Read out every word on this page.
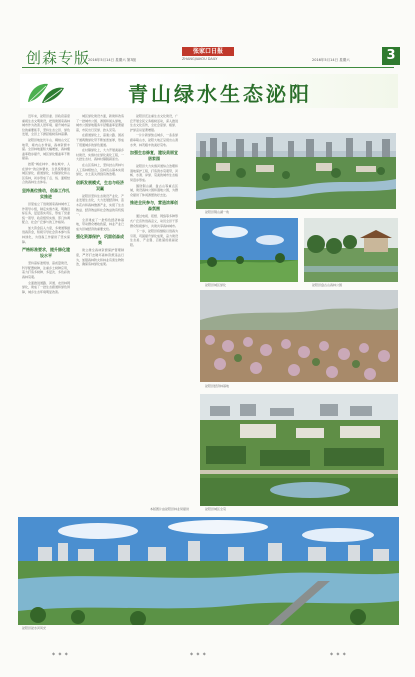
创森专版
2016年5月14日 星期六 第3版
张家口日报
ZHANGJIAKOU DAILY	2016年5月14日 星期六	3
青山绿水生态泌阳

近年来，泌阳县委、县政府高度重视生态文明建设，把创建国家森林城市作为改善人居环境、提升城市品位的重要抓手，坚持生态立县、绿色发展，全县上下掀起植树造林高潮。

泌阳县地处伏牛山、桐柏山交汇地带，境内山水秀丽，森林资源丰富。全县林地面积大幅增加，森林覆盖率稳步提升，城区绿化覆盖率不断提高。

按照“城在林中、林在城中、人在绿中”的总体要求，全县统筹推进城区绿化、廊道绿化、村镇绿化和山区造林，初步形成了点、线、面相结合的森林生态体系。

坚持高位推动，创森工作扎实推进

县里成立了创建国家森林城市工作领导小组，制定实施方案，明确目标任务，层层落实责任，形成了党委统一领导、政府组织实施、部门协调配合、社会广泛参与的工作格局。

加大资金投入力度，多渠道筹措创森资金，积极引导社会资本参与造林绿化，为创森工作提供了坚实保障。

严格标准要求，提升绿化建设水平

坚持高标准规划、高质量建设，科学配置树种，注重乡土树种应用，着力打造多树种、多层次、多色彩的森林景观。

全面推进道路、河道、农田林网绿化，建成了一批生态廊道和绿色屏障，城乡生态环境明显改善。

城区绿化建设方面，新建和改造了一批城市公园、游园和街头绿地，城市公园绿地服务半径覆盖率显著提高，市民出行见绿、抬头见景。

在廊道绿化上，高速公路、国省干道两侧绿化带不断加宽加厚，形成了贯通城乡的绿色通道。

在村镇绿化上，大力开展美丽乡村建设，实施村庄绿化美化工程，一大批生态村、森林村镇脱颖而出。

在山区造林上，坚持封山育林与人工造林相结合，宜林荒山基本实现绿化，水土流失得到有效治理。

创新发展模式，生态与经济双赢

泌阳县坚持生态建设产业化、产业发展生态化，大力发展经济林、苗木花卉和森林旅游产业，实现了生态效益、经济效益和社会效益的有机统一。

全县建成了一批特色经济林基地，带动群众增收致富，林业产业已成为县域经济的重要支柱。

强化资源保护，巩固创森成果

建立健全森林资源保护管理制度，严厉打击破坏森林资源违法行为，加强森林防火和林业有害生物防治，确保造林绿化成果。

泌阳县还注重生态文化建设，广泛开展全民义务植树活动，深入推进生态文化宣传，全社会爱绿、植绿、护绿意识显著增强。

一片片新绿装点城乡，一条条绿廊串联山水，泌阳大地正呈现出山清水秀、林茂粮丰的美好景象。

加强生态修复，建设美丽宜居家园

泌阳县大力实施河道综合治理和湿地保护工程，打造滨水景观带，河畅、水清、岸绿、景美的城市生态格局逐步形成。

围绕铜山湖、盘古山等重点区域，建设森林公园和湿地公园，为群众提供了休闲游憩的好去处。

推进全民参与，营造浓厚创森氛围

通过电视、报纸、网络等多种形式广泛宣传创森意义，动员全县干部群众积极参与，共建共享森林城市。

下一步，泌阳县将继续以创森为引领，巩固提升绿化成果，奋力建设生态美、产业强、百姓富的美丽泌阳。

泌阳县铜山湖一角
泌阳县城区绿化	泌阳县盘古山森林公园
泌阳县经济林基地
泌阳县城区全景
泌阳县泌水河风光
本版图片由泌阳县林业局提供
◆ ◆ ◆	◆ ◆ ◆	◆ ◆ ◆
